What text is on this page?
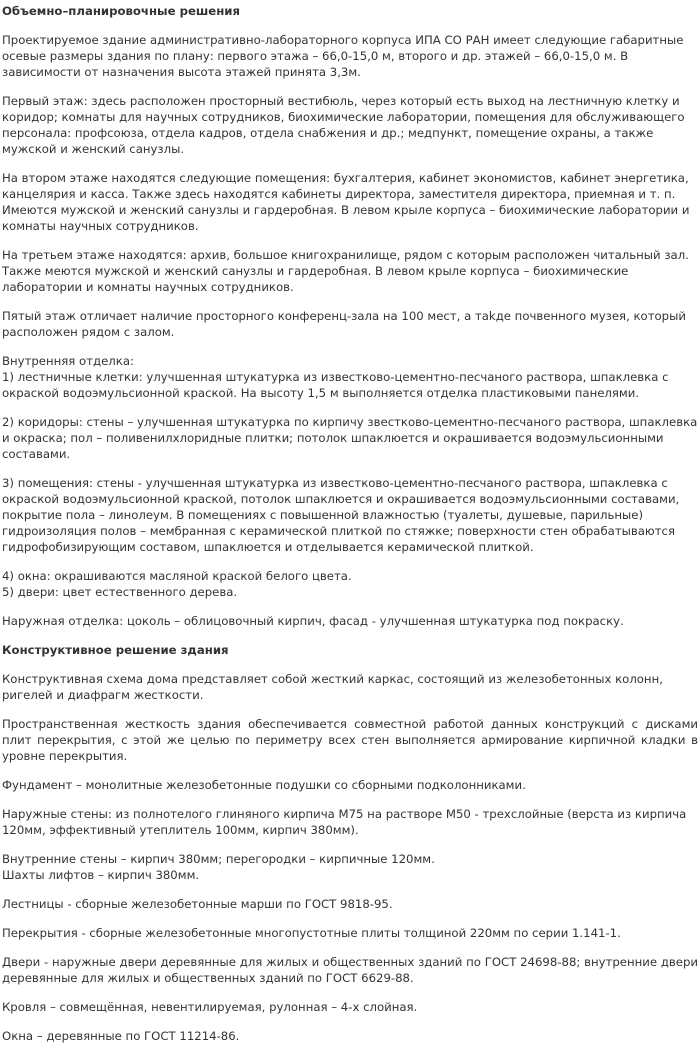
Объемно–планировочные решения
Проектируемое здание административно-лабораторного корпуса ИПА СО РАН имеет следующие габаритные осевые размеры здания по плану: первого этажа – 66,0-15,0 м, второго и др. этажей – 66,0-15,0 м. В зависимости от назначения высота этажей принята 3,3м.
Первый этаж: здесь расположен просторный вестибюль, через который есть выход на лестничную клетку и коридор; комнаты для научных сотрудников, биохимические лаборатории, помещения для обслуживающего персонала: профсоюза, отдела кадров, отдела снабжения и др.; медпункт, помещение охраны, а также мужской и женский санузлы.
На втором этаже находятся следующие помещения: бухгалтерия, кабинет экономистов, кабинет энергетика, канцелярия и касса. Также здесь находятся кабинеты директора, заместителя директора, приемная и т. п. Имеются мужской и женский санузлы и гардеробная. В левом крыле корпуса – биохимические лаборатории и комнаты научных сотрудников.
На третьем этаже находятся: архив, большое книгохранилище, рядом с которым расположен читальный зал. Также меются мужской и женский санузлы и гардеробная. В левом крыле корпуса – биохимические лаборатории и комнаты научных сотрудников.
Пятый этаж отличает наличие просторного конференц-зала на 100 мест, а таkде почвенного музея, который расположен рядом с залом.
Внутренняя отделка:
1) лестничные клетки: улучшенная штукатурка из известково-цементно-песчаного раствора, шпаклевка с окраской водоэмульсионной краской. На высоту 1,5 м выполняется отделка пластиковыми панелями.
2) коридоры: стены – улучшенная штукатурка по кирпичу звестково-цементно-песчаного раствора, шпаклевка и окраска; пол – поливенилхлоридные плитки; потолок шпаклюется и окрашивается водоэмульсионными составами.
3) помещения: стены - улучшенная штукатурка из известково-цементно-песчаного раствора, шпаклевка с окраской водоэмульсионной краской, потолок шпаклюется и окрашивается водоэмульсионными составами, покрытие пола – линолеум. В помещениях с повышенной влажностью (туалеты, душевые, парильные) гидроизоляция полов – мембранная с керамической плиткой по стяжке; поверхности стен обрабатываются гидрофобизирующим составом, шпаклюется и отделывается керамической плиткой.
4) окна: окрашиваются масляной краской белого цвета.
5) двери: цвет естественного дерева.
Наружная отделка: цоколь – облицовочный кирпич, фасад - улучшенная штукатурка под покраску.
Конструктивное решение здания
Конструктивная схема дома представляет собой жесткий каркас, состоящий из железобетонных колонн, ригелей и диафрагм жесткости.
Пространственная жесткость здания обеспечивается совместной работой данных конструкций с дисками плит перекрытия, с этой же целью по периметру всех стен выполняется армирование кирпичной кладки в уровне перекрытия.
Фундамент – монолитные железобетонные подушки со сборными подколонниками.
Наружные стены: из полнотелого глиняного кирпича М75 на растворе М50 - трехслойные (верста из кирпича 120мм, эффективный утеплитель 100мм, кирпич 380мм).
Внутренние стены – кирпич 380мм; перегородки – кирпичные 120мм.
Шахты лифтов – кирпич 380мм.
Лестницы - сборные железобетонные марши по ГОСТ 9818-95.
Перекрытия - сборные железобетонные многопустотные плиты толщиной 220мм по серии 1.141-1.
Двери - наружные двери деревянные для жилых и общественных зданий по ГОСТ 24698-88; внутренние двери деревянные для жилых и общественных зданий по ГОСТ 6629-88.
Кровля – совмещённая, невентилируемая, рулонная – 4-х слойная.
Окна – деревянные по ГОСТ 11214-86.
